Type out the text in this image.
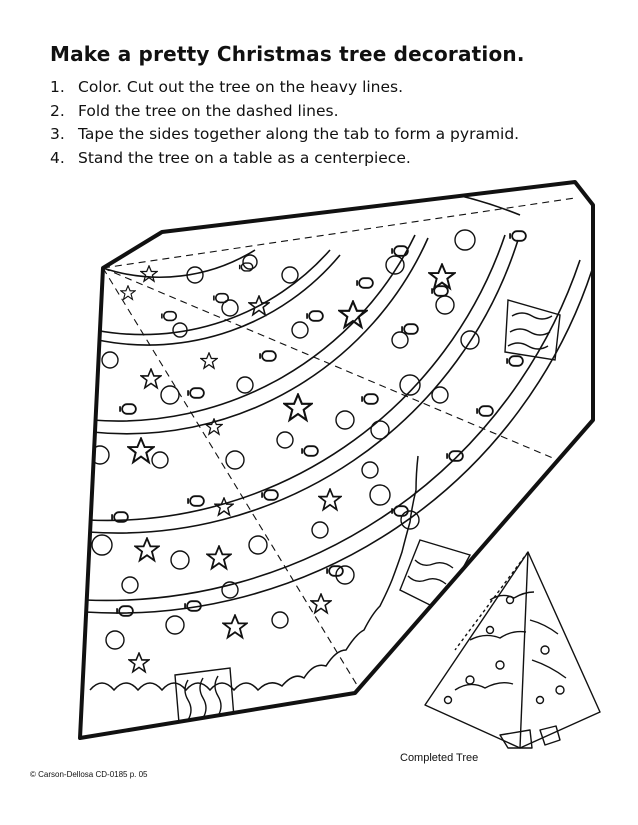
Make a pretty Christmas tree decoration.
1. Color. Cut out the tree on the heavy lines.
2. Fold the tree on the dashed lines.
3. Tape the sides together along the tab to form a pyramid.
4. Stand the tree on a table as a centerpiece.
Completed Tree
© Carson-Dellosa CD-0185 p. 05
